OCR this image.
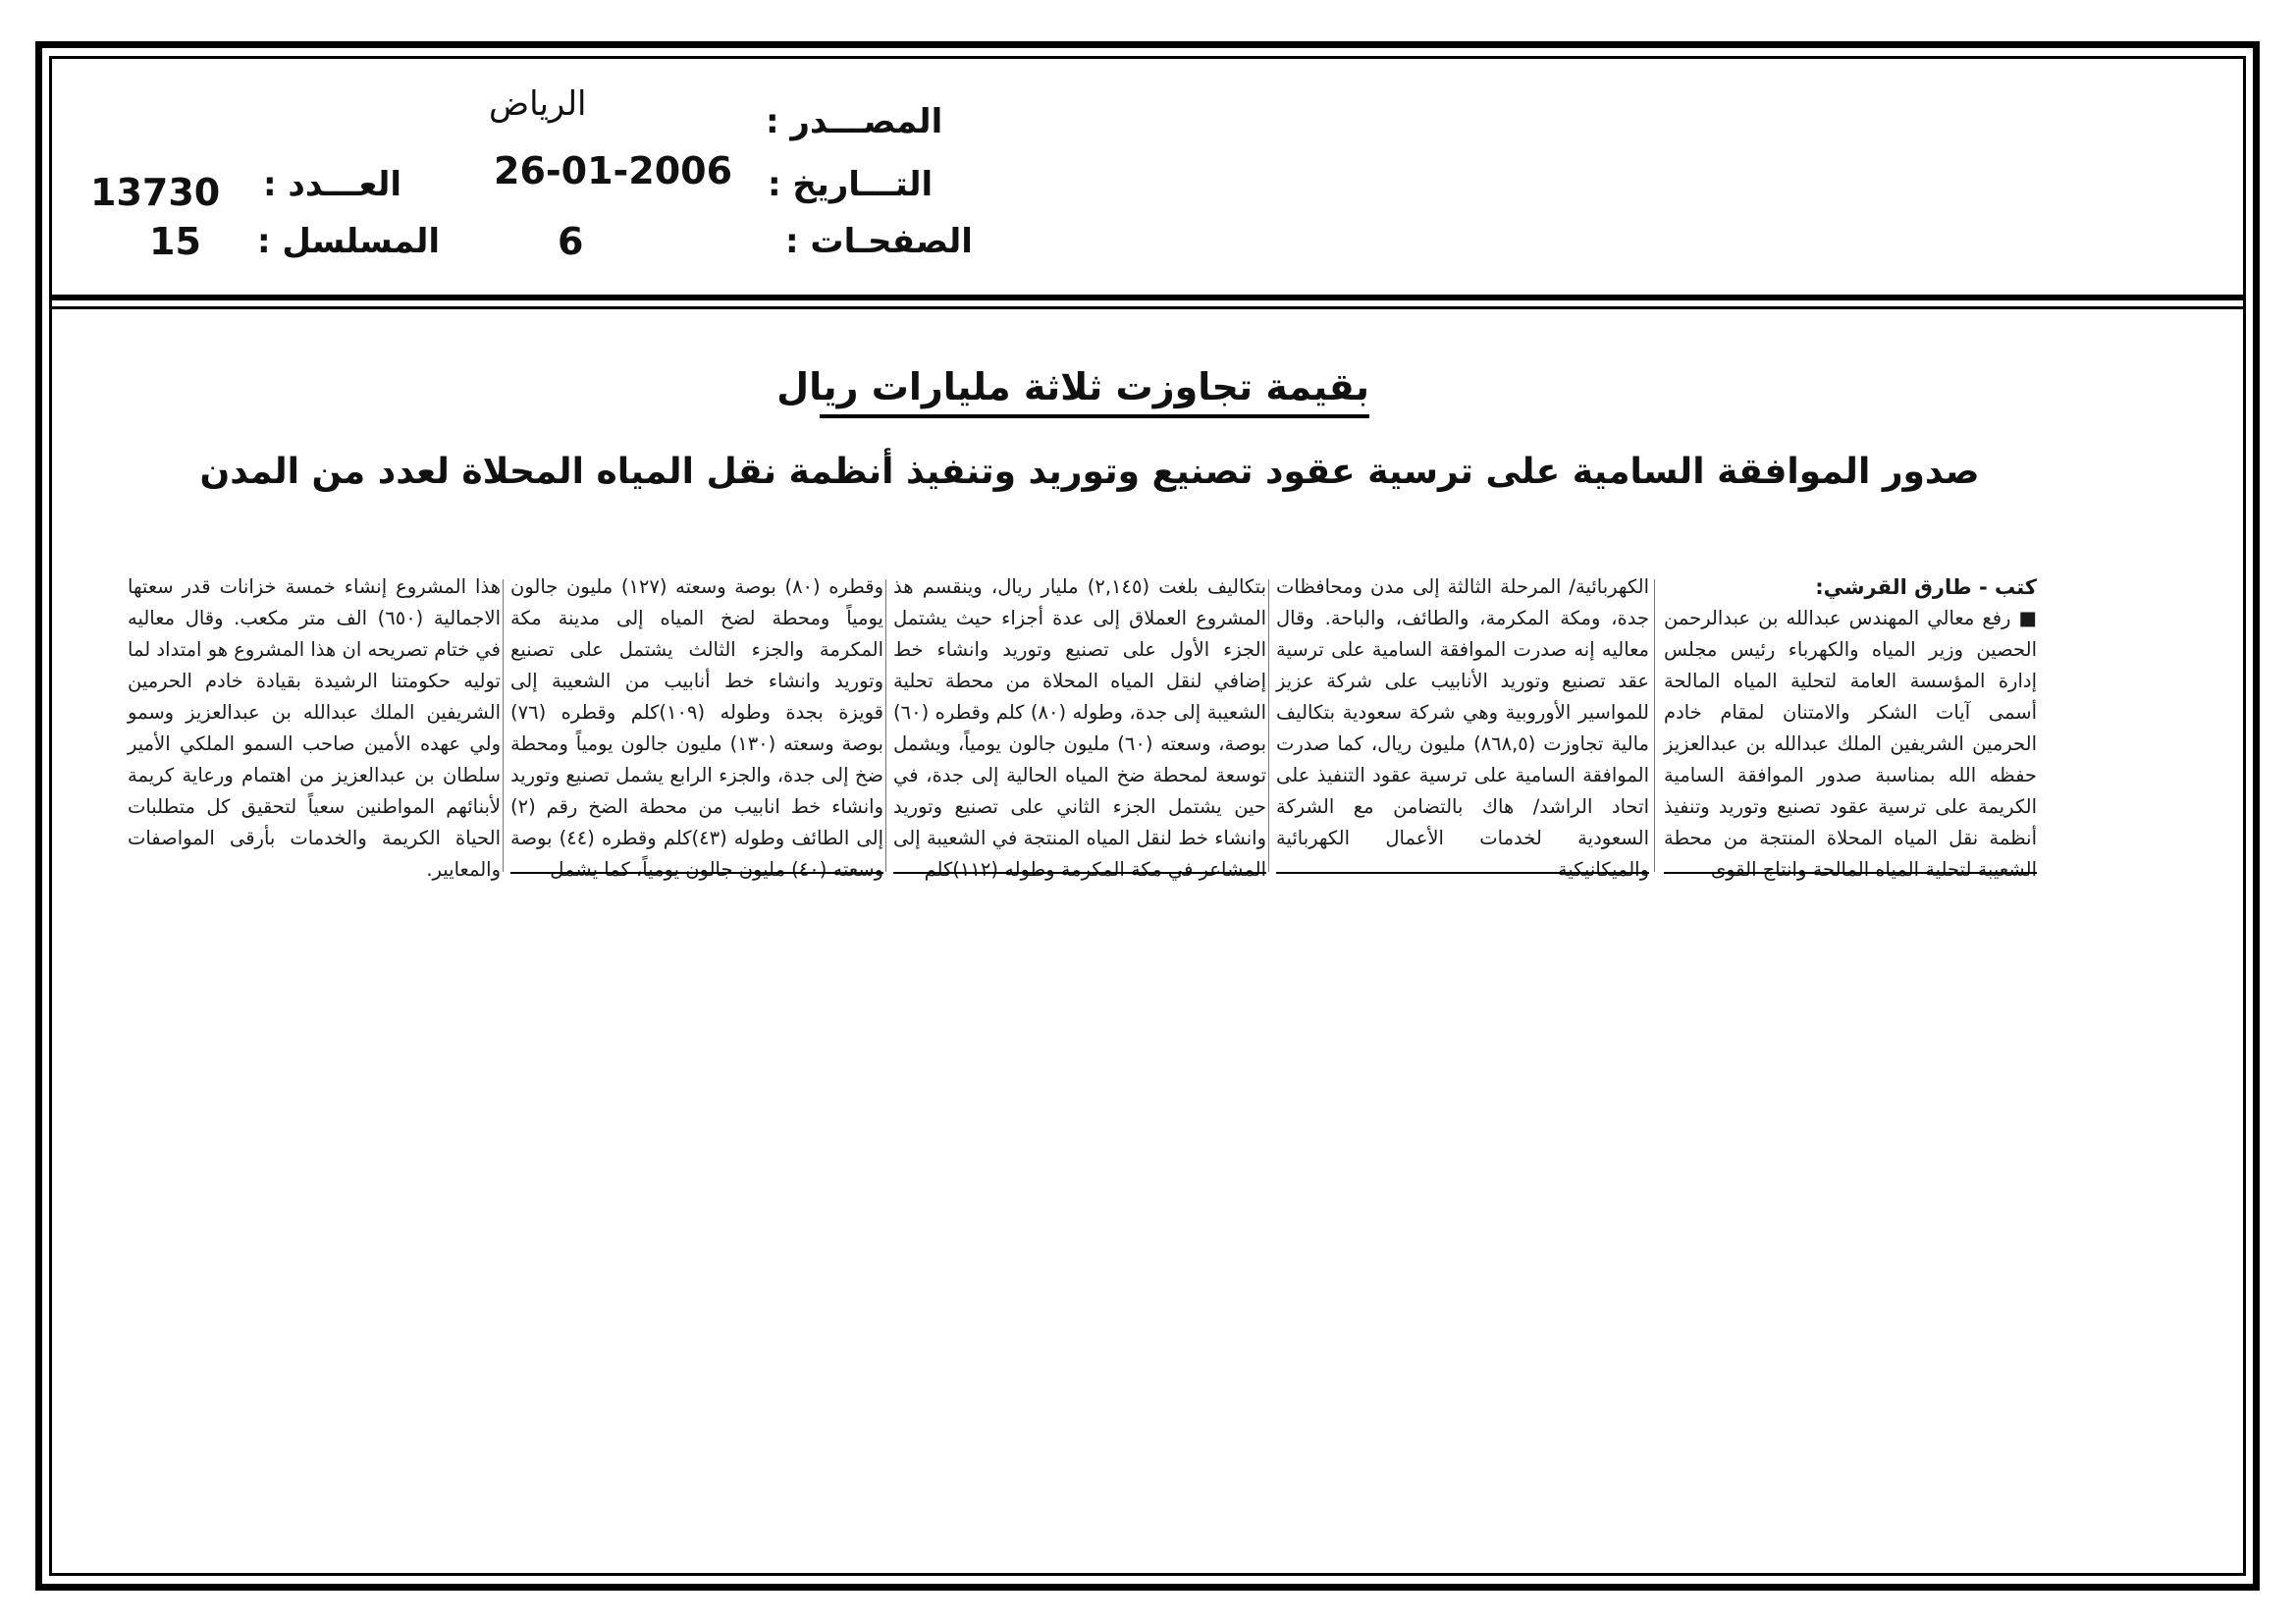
المصـــدر :
الرياض
التـــاريخ :
26-01-2006
الصفحـات :
6
العـــدد :
13730
المسلسل :
15
بقيمة تجاوزت ثلاثة مليارات ريال
صدور الموافقة السامية على ترسية عقود تصنيع وتوريد وتنفيذ أنظمة نقل المياه المحلاة لعدد من المدن

كتب - طارق القرشي:

■ رفع معالي المهندس عبدالله بن عبدالرحمن الحصين وزير المياه والكهرباء رئيس مجلس إدارة المؤسسة العامة لتحلية المياه المالحة أسمى آيات الشكر والامتنان لمقام خادم الحرمين الشريفين الملك عبدالله بن عبدالعزيز حفظه الله بمناسبة صدور الموافقة السامية الكريمة على ترسية عقود تصنيع وتوريد وتنفيذ أنظمة نقل المياه المحلاة المنتجة من محطة الشعيبة لتحلية المياه المالحة وانتاج القوى

الكهربائية/ المرحلة الثالثة إلى مدن ومحافظات جدة، ومكة المكرمة، والطائف، والباحة. وقال معاليه إنه صدرت الموافقة السامية على ترسية عقد تصنيع وتوريد الأنابيب على شركة عزيز للمواسير الأوروبية وهي شركة سعودية بتكاليف مالية تجاوزت (٨٦٨,٥) مليون ريال، كما صدرت الموافقة السامية على ترسية عقود التنفيذ على اتحاد الراشد/ هاك بالتضامن مع الشركة السعودية لخدمات الأعمال الكهربائية والميكانيكية

بتكاليف بلغت (٢,١٤٥) مليار ريال، وينقسم هذ المشروع العملاق إلى عدة أجزاء حيث يشتمل الجزء الأول على تصنيع وتوريد وانشاء خط إضافي لنقل المياه المحلاة من محطة تحلية الشعيبة إلى جدة، وطوله (٨٠) كلم وقطره (٦٠) بوصة، وسعته (٦٠) مليون جالون يومياً، ويشمل توسعة لمحطة ضخ المياه الحالية إلى جدة، في حين يشتمل الجزء الثاني على تصنيع وتوريد وانشاء خط لنقل المياه المنتجة في الشعيبة إلى المشاعر في مكة المكرمة وطوله (١١٢)كلم

وقطره (٨٠) بوصة وسعته (١٢٧) مليون جالون يومياً ومحطة لضخ المياه إلى مدينة مكة المكرمة والجزء الثالث يشتمل على تصنيع وتوريد وانشاء خط أنابيب من الشعيبة إلى قويزة بجدة وطوله (١٠٩)كلم وقطره (٧٦) بوصة وسعته (١٣٠) مليون جالون يومياً ومحطة ضخ إلى جدة، والجزء الرابع يشمل تصنيع وتوريد وانشاء خط انابيب من محطة الضخ رقم (٢) إلى الطائف وطوله (٤٣)كلم وقطره (٤٤) بوصة وسعته (٤٠) مليون جالون يومياً، كما يشمل

هذا المشروع إنشاء خمسة خزانات قدر سعتها الاجمالية (٦٥٠) الف متر مكعب. وقال معاليه في ختام تصريحه ان هذا المشروع هو امتداد لما توليه حكومتنا الرشيدة بقيادة خادم الحرمين الشريفين الملك عبدالله بن عبدالعزيز وسمو ولي عهده الأمين صاحب السمو الملكي الأمير سلطان بن عبدالعزيز من اهتمام ورعاية كريمة لأبنائهم المواطنين سعياً لتحقيق كل متطلبات الحياة الكريمة والخدمات بأرقى المواصفات والمعايير.
